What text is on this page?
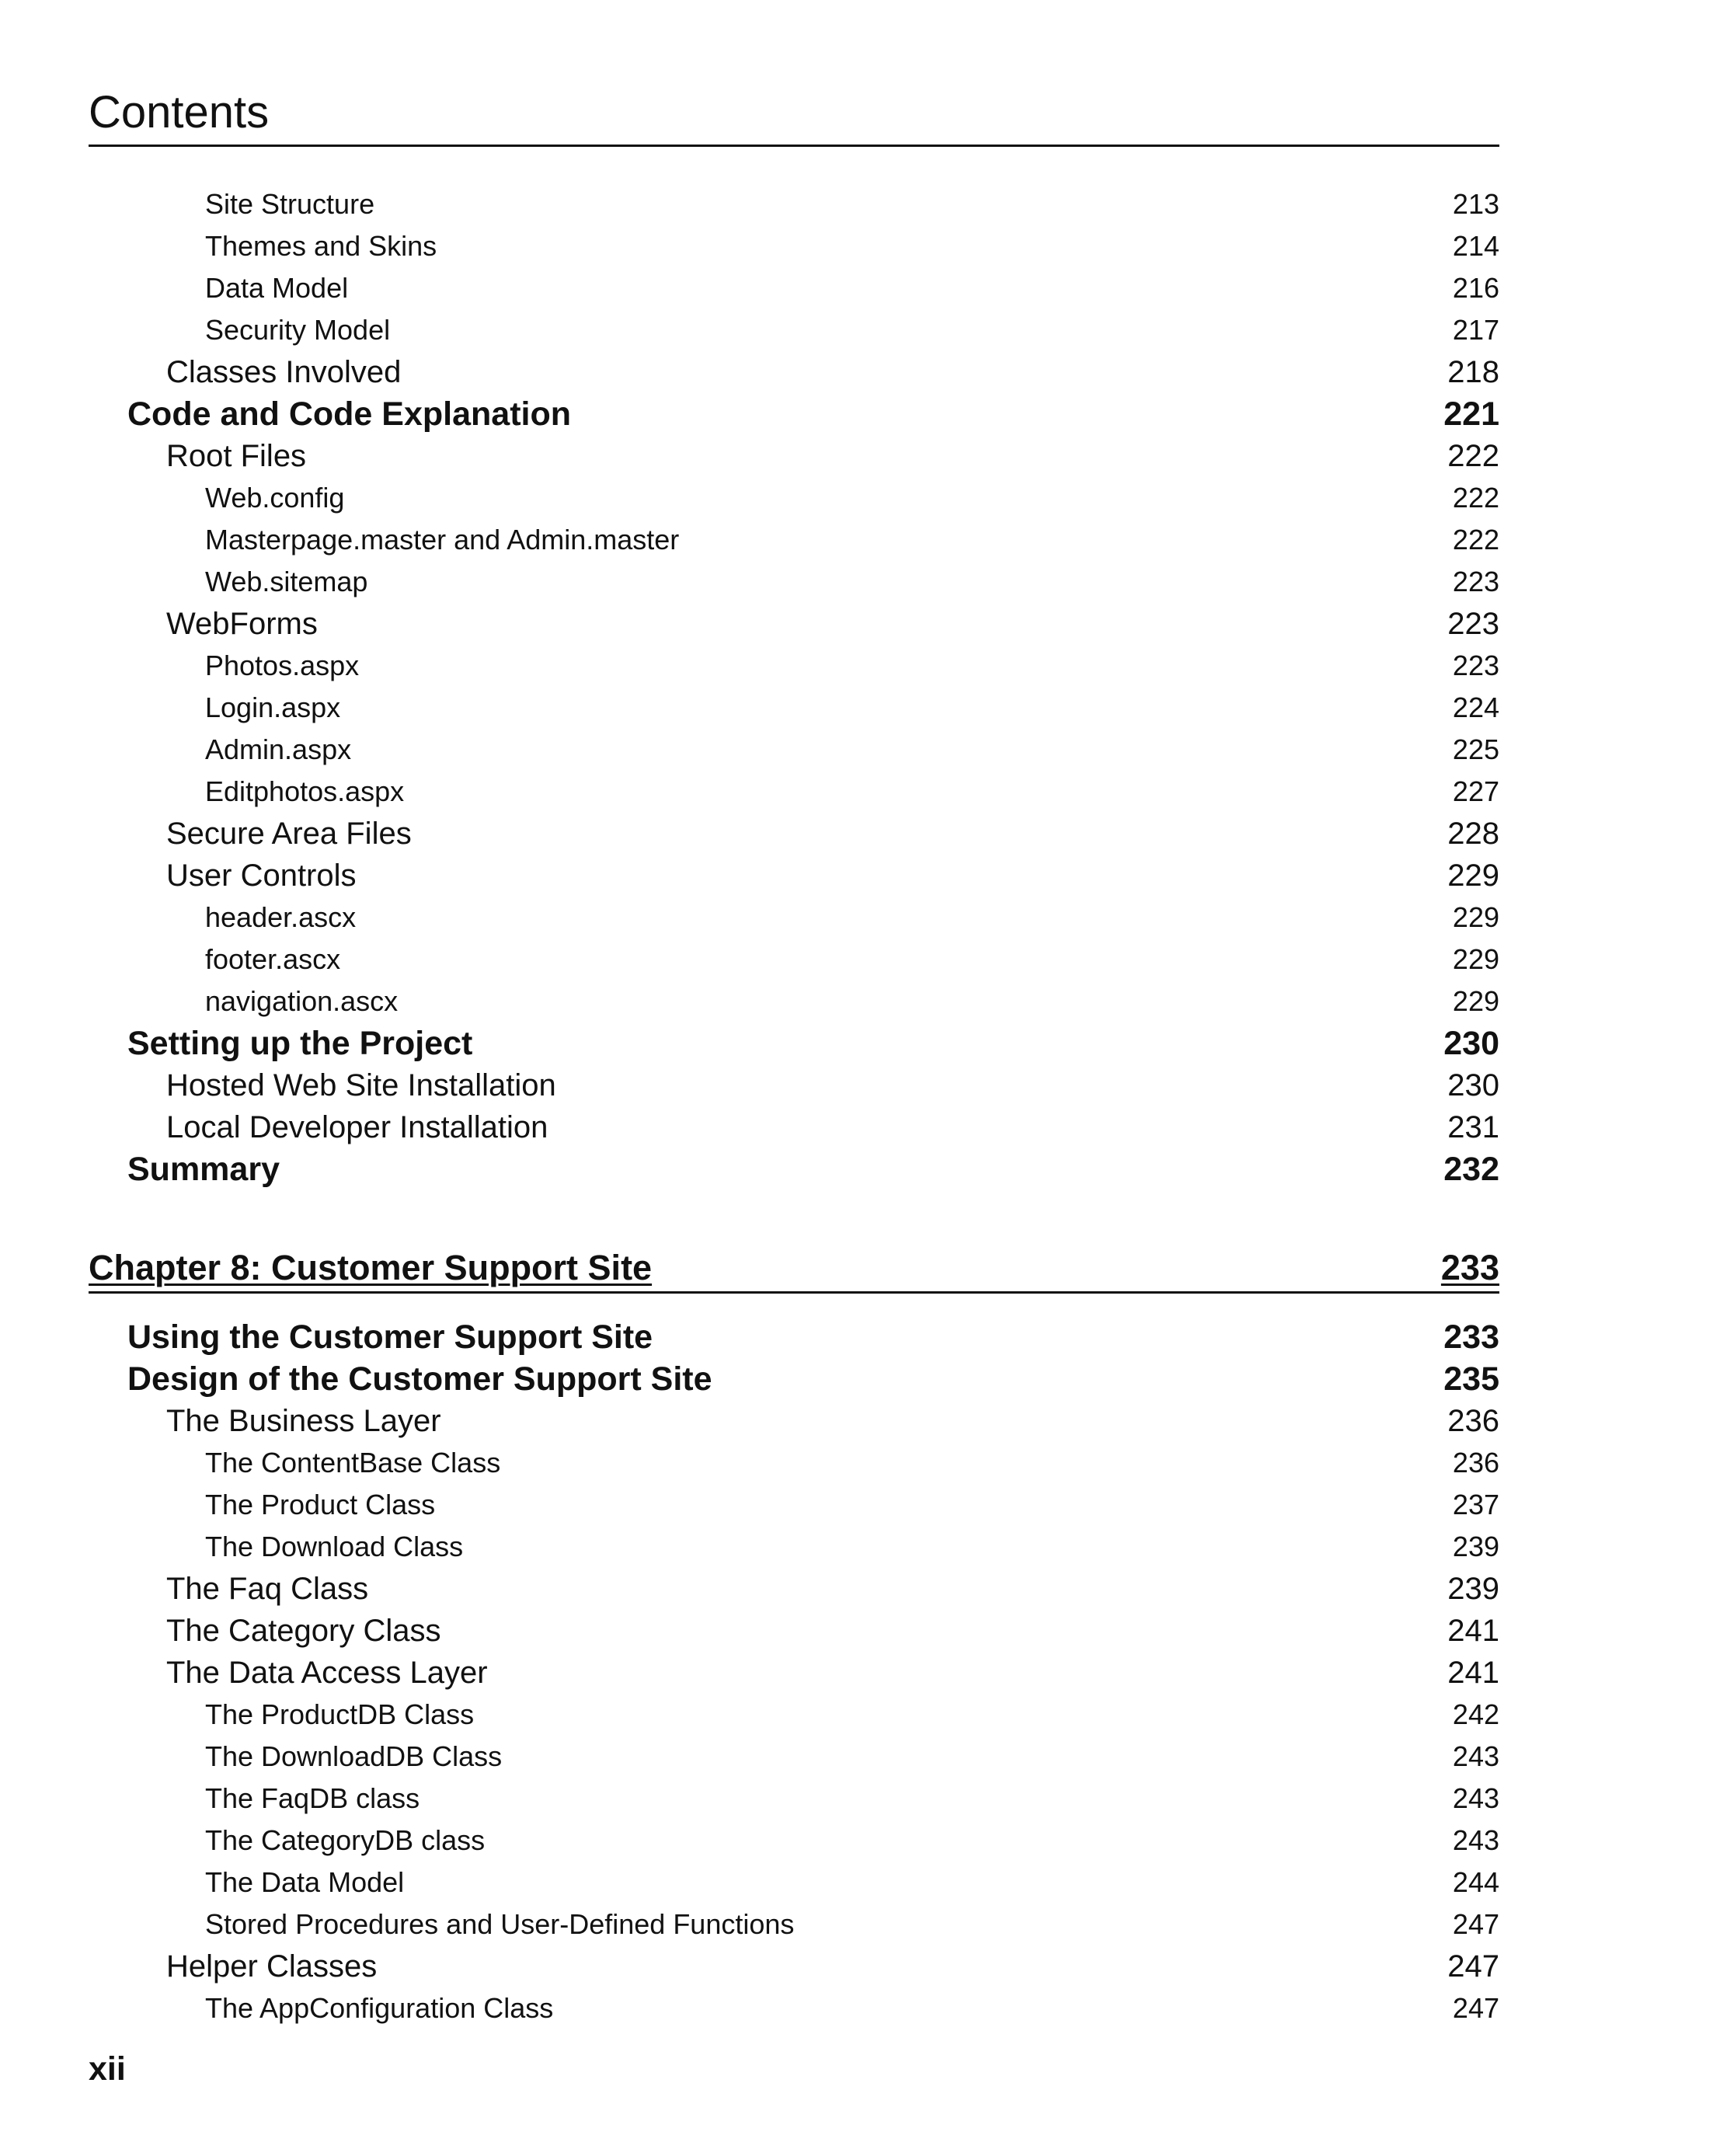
Contents
Site Structure	213
Themes and Skins	214
Data Model	216
Security Model	217
Classes Involved	218
Code and Code Explanation	221
Root Files	222
Web.config	222
Masterpage.master and Admin.master	222
Web.sitemap	223
WebForms	223
Photos.aspx	223
Login.aspx	224
Admin.aspx	225
Editphotos.aspx	227
Secure Area Files	228
User Controls	229
header.ascx	229
footer.ascx	229
navigation.ascx	229
Setting up the Project	230
Hosted Web Site Installation	230
Local Developer Installation	231
Summary	232
Chapter 8: Customer Support Site	233
Using the Customer Support Site	233
Design of the Customer Support Site	235
The Business Layer	236
The ContentBase Class	236
The Product Class	237
The Download Class	239
The Faq Class	239
The Category Class	241
The Data Access Layer	241
The ProductDB Class	242
The DownloadDB Class	243
The FaqDB class	243
The CategoryDB class	243
The Data Model	244
Stored Procedures and User-Defined Functions	247
Helper Classes	247
The AppConfiguration Class	247
xii
